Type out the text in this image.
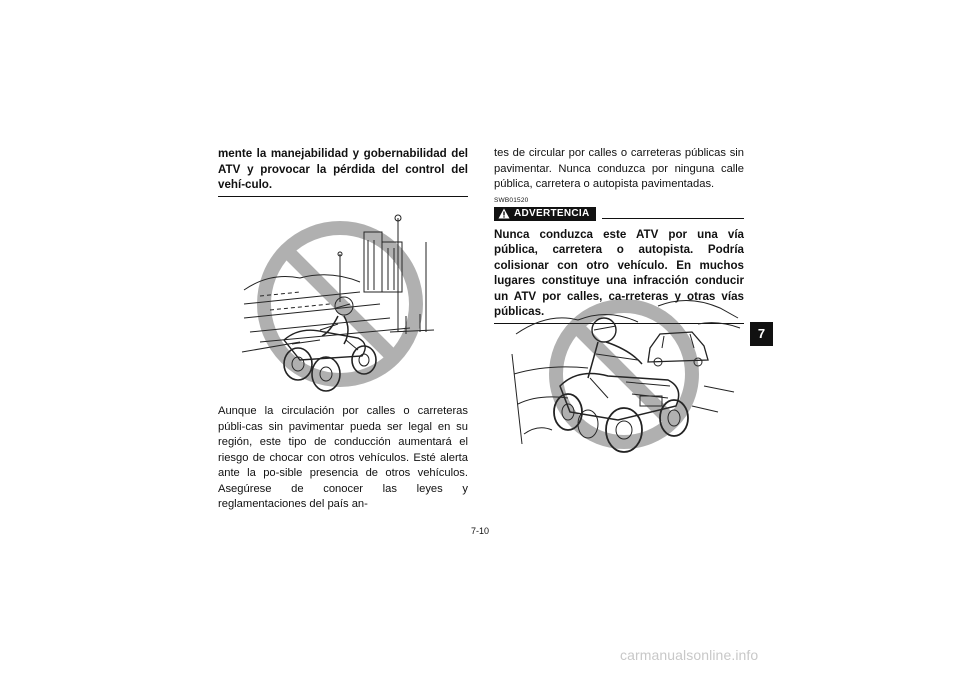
mente la manejabilidad y gobernabilidad del ATV y provocar la pérdida del control del vehí-culo.

Aunque la circulación por calles o carreteras públi-cas sin pavimentar pueda ser legal en su región, este tipo de conducción aumentará el riesgo de chocar con otros vehículos. Esté alerta ante la po-sible presencia de otros vehículos. Asegúrese de conocer las leyes y reglamentaciones del país an-

tes de circular por calles o carreteras públicas sin pavimentar. Nunca conduzca por ninguna calle pública, carretera o autopista pavimentadas.

SWB01520

ADVERTENCIA

Nunca conduzca este ATV por una vía pública, carretera o autopista. Podría colisionar con otro vehículo. En muchos lugares constituye una infracción conducir un ATV por calles, ca-rreteras y otras vías públicas.

7
7-10
carmanualsonline.info
